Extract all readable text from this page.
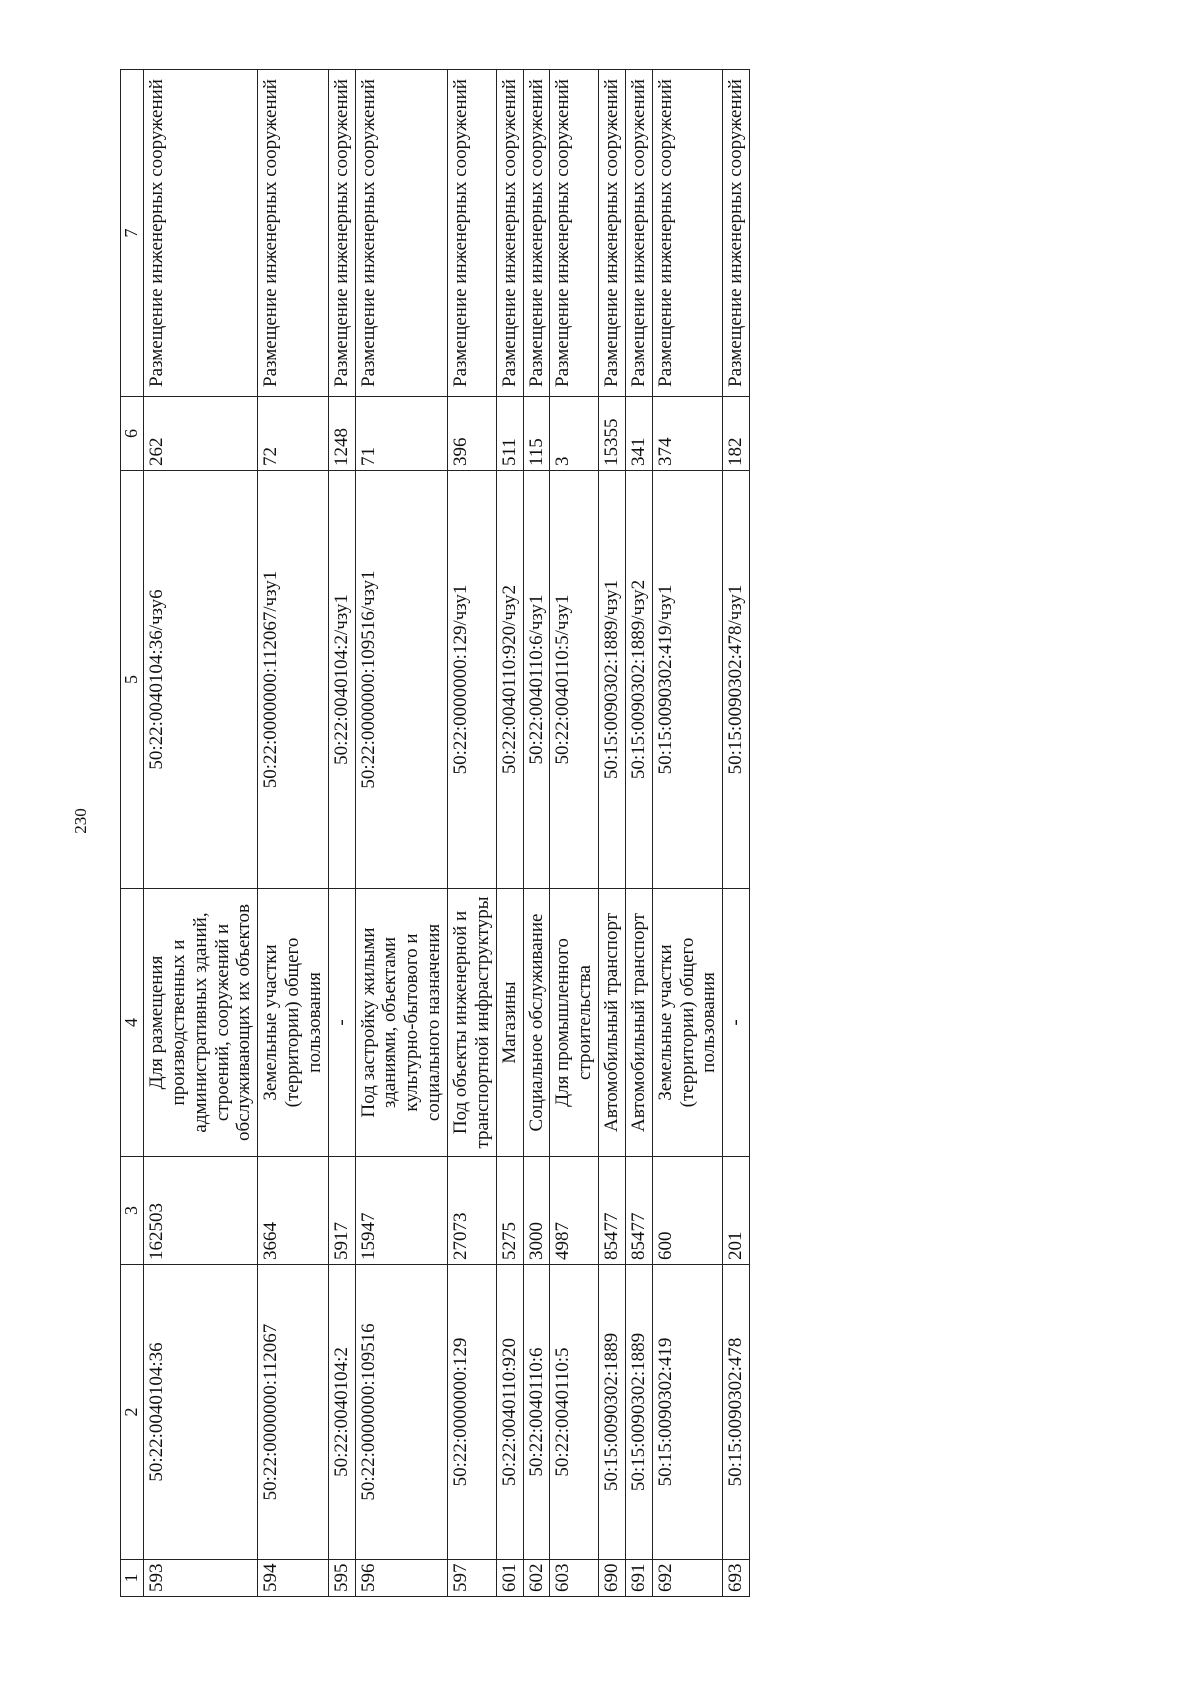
230
1	2	3	4	5	6	7
593	50:22:0040104:36	162503	Для размещения производственных и административных зданий, строений, сооружений и обслуживающих их объектов	50:22:0040104:36/чзу6	262	Размещение инженерных сооружений
594	50:22:0000000:112067	3664	Земельные участки (территории) общего пользования	50:22:0000000:112067/чзу1	72	Размещение инженерных сооружений
595	50:22:0040104:2	5917	-	50:22:0040104:2/чзу1	1248	Размещение инженерных сооружений
596	50:22:0000000:109516	15947	Под застройку жилыми зданиями, объектами культурно-бытового и социального назначения	50:22:0000000:109516/чзу1	71	Размещение инженерных сооружений
597	50:22:0000000:129	27073	Под объекты инженерной и транспортной инфраструктуры	50:22:0000000:129/чзу1	396	Размещение инженерных сооружений
601	50:22:0040110:920	5275	Магазины	50:22:0040110:920/чзу2	511	Размещение инженерных сооружений
602	50:22:0040110:6	3000	Социальное обслуживание	50:22:0040110:6/чзу1	115	Размещение инженерных сооружений
603	50:22:0040110:5	4987	Для промышленного строительства	50:22:0040110:5/чзу1	3	Размещение инженерных сооружений
690	50:15:0090302:1889	85477	Автомобильный транспорт	50:15:0090302:1889/чзу1	15355	Размещение инженерных сооружений
691	50:15:0090302:1889	85477	Автомобильный транспорт	50:15:0090302:1889/чзу2	341	Размещение инженерных сооружений
692	50:15:0090302:419	600	Земельные участки (территории) общего пользования	50:15:0090302:419/чзу1	374	Размещение инженерных сооружений
693	50:15:0090302:478	201	-	50:15:0090302:478/чзу1	182	Размещение инженерных сооружений
